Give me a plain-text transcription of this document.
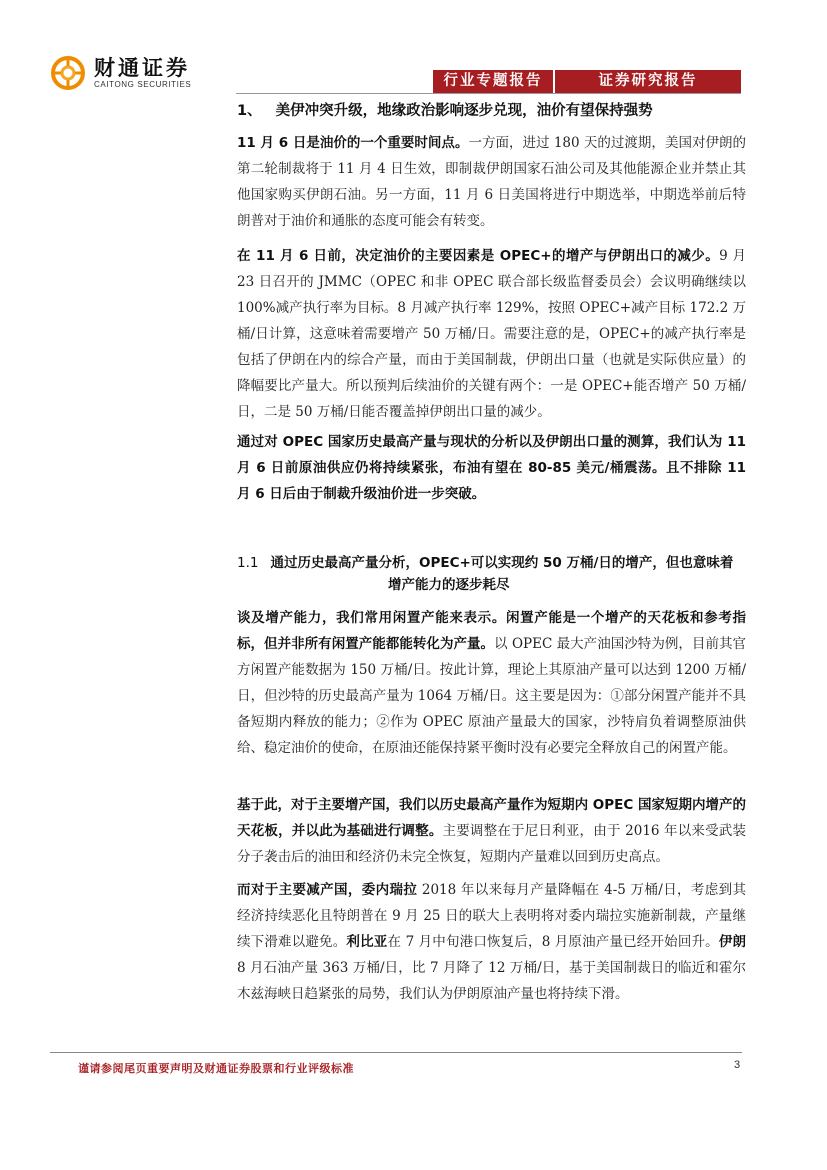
财通证券
CAITONG SECURITIES	行业专题报告	证券研究报告
1、 美伊冲突升级，地缘政治影响逐步兑现，油价有望保持强势

11 月 6 日是油价的一个重要时间点。一方面，进过 180 天的过渡期，美国对伊朗的第二轮制裁将于 11 月 4 日生效，即制裁伊朗国家石油公司及其他能源企业并禁止其他国家购买伊朗石油。另一方面，11 月 6 日美国将进行中期选举，中期选举前后特朗普对于油价和通胀的态度可能会有转变。

在 11 月 6 日前，决定油价的主要因素是 OPEC+的增产与伊朗出口的减少。9 月 23 日召开的 JMMC（OPEC 和非 OPEC 联合部长级监督委员会）会议明确继续以 100%减产执行率为目标。8 月减产执行率 129%，按照 OPEC+减产目标 172.2 万桶/日计算，这意味着需要增产 50 万桶/日。需要注意的是，OPEC+的减产执行率是包括了伊朗在内的综合产量，而由于美国制裁，伊朗出口量（也就是实际供应量）的降幅要比产量大。所以预判后续油价的关键有两个：一是 OPEC+能否增产 50 万桶/日，二是 50 万桶/日能否覆盖掉伊朗出口量的减少。

通过对 OPEC 国家历史最高产量与现状的分析以及伊朗出口量的测算，我们认为 11 月 6 日前原油供应仍将持续紧张，布油有望在 80-85 美元/桶震荡。且不排除 11 月 6 日后由于制裁升级油价进一步突破。

1.1 通过历史最高产量分析，OPEC+可以实现约 50 万桶/日的增产，但也意味着
增产能力的逐步耗尽

谈及增产能力，我们常用闲置产能来表示。闲置产能是一个增产的天花板和参考指标，但并非所有闲置产能都能转化为产量。以 OPEC 最大产油国沙特为例，目前其官方闲置产能数据为 150 万桶/日。按此计算，理论上其原油产量可以达到 1200 万桶/日，但沙特的历史最高产量为 1064 万桶/日。这主要是因为：①部分闲置产能并不具备短期内释放的能力；②作为 OPEC 原油产量最大的国家，沙特肩负着调整原油供给、稳定油价的使命，在原油还能保持紧平衡时没有必要完全释放自己的闲置产能。

基于此，对于主要增产国，我们以历史最高产量作为短期内 OPEC 国家短期内增产的天花板，并以此为基础进行调整。主要调整在于尼日利亚，由于 2016 年以来受武装分子袭击后的油田和经济仍未完全恢复，短期内产量难以回到历史高点。

而对于主要减产国，委内瑞拉 2018 年以来每月产量降幅在 4-5 万桶/日，考虑到其经济持续恶化且特朗普在 9 月 25 日的联大上表明将对委内瑞拉实施新制裁，产量继续下滑难以避免。利比亚在 7 月中旬港口恢复后，8 月原油产量已经开始回升。伊朗 8 月石油产量 363 万桶/日，比 7 月降了 12 万桶/日，基于美国制裁日的临近和霍尔木兹海峡日趋紧张的局势，我们认为伊朗原油产量也将持续下滑。

谨请参阅尾页重要声明及财通证券股票和行业评级标准	3
